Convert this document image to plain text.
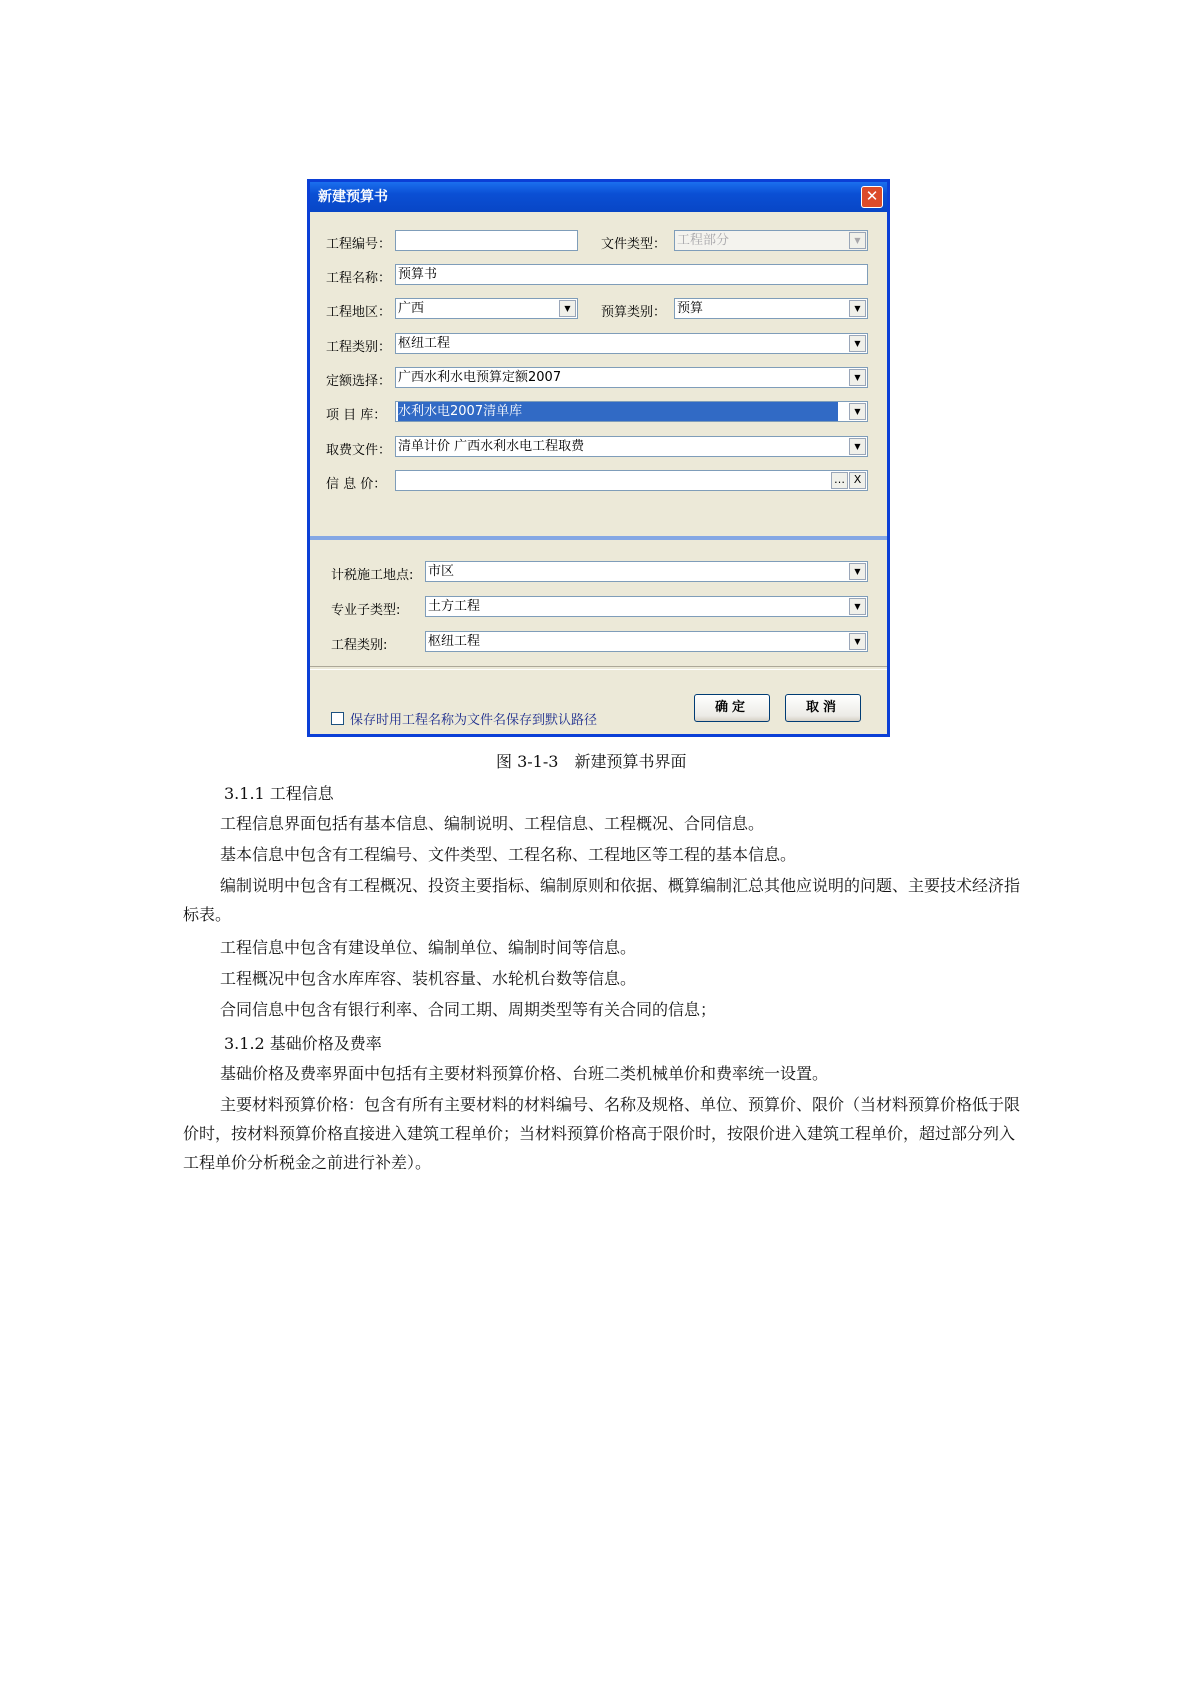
新建预算书	✕
工程编号：	文件类型： 工程部分	▼
工程名称： 预算书
工程地区： 广西	▼	预算类别： 预算	▼
工程类别： 枢纽工程	▼
定额选择： 广西水利水电预算定额2007	▼
项 目 库： 水利水电2007清单库	▼
取费文件： 清单计价 广西水利水电工程取费	▼
信 息 价：	… X
计税施工地点: 市区	▼
专业子类型: 土方工程	▼
工程类别:	枢纽工程	▼
保存时用工程名称为文件名保存到默认路径
确定	取消
图 3-1-3　新建预算书界面
3.1.1 工程信息
工程信息界面包括有基本信息、编制说明、工程信息、工程概况、合同信息。
基本信息中包含有工程编号、文件类型、工程名称、工程地区等工程的基本信息。
编制说明中包含有工程概况、投资主要指标、编制原则和依据、概算编制汇总其他应说明的问题、主要技术经济指标表。
工程信息中包含有建设单位、编制单位、编制时间等信息。
工程概况中包含水库库容、装机容量、水轮机台数等信息。
合同信息中包含有银行利率、合同工期、周期类型等有关合同的信息；
3.1.2 基础价格及费率
基础价格及费率界面中包括有主要材料预算价格、台班二类机械单价和费率统一设置。
主要材料预算价格：包含有所有主要材料的材料编号、名称及规格、单位、预算价、限价（当材料预算价格低于限价时，按材料预算价格直接进入建筑工程单价；当材料预算价格高于限价时，按限价进入建筑工程单价，超过部分列入工程单价分析税金之前进行补差）。
